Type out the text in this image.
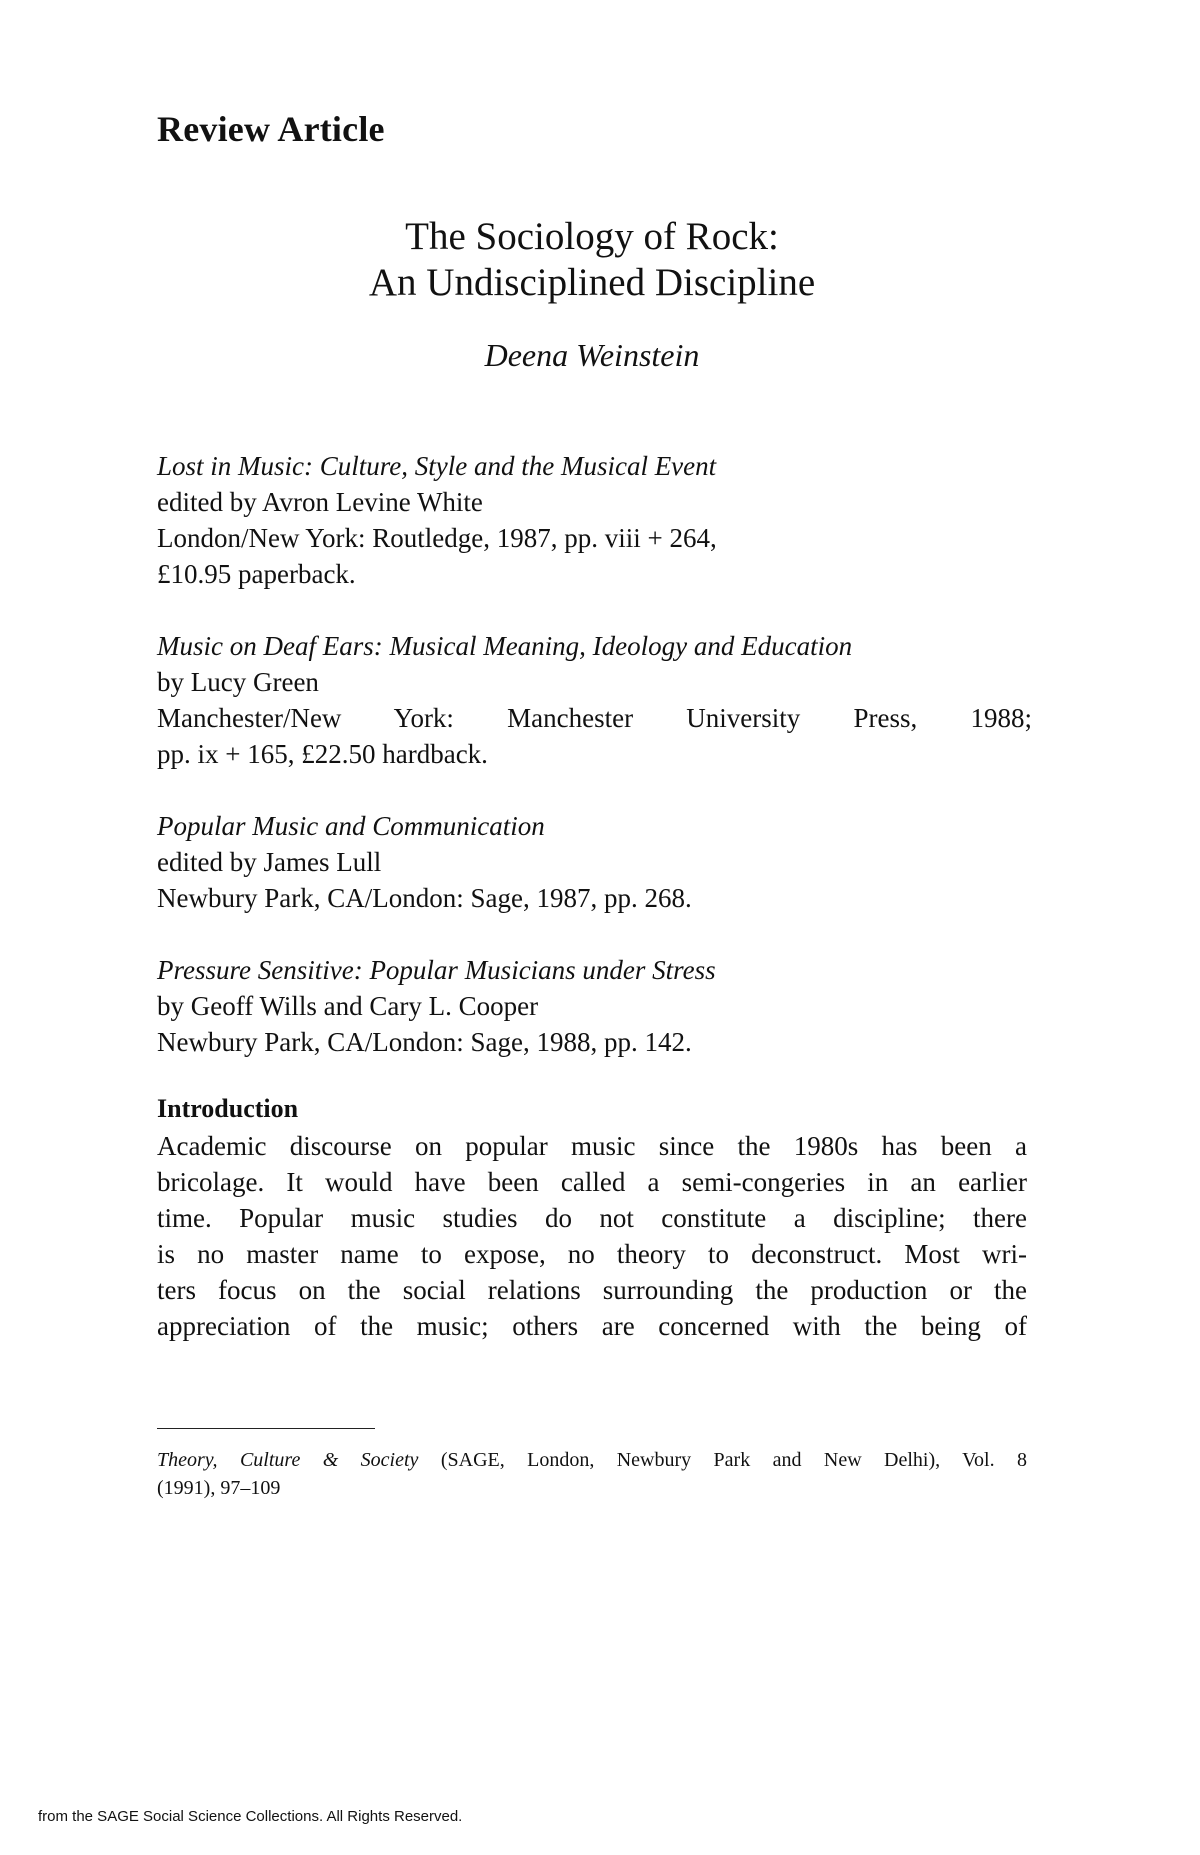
Review Article
The Sociology of Rock:
An Undisciplined Discipline
Deena Weinstein
Lost in Music: Culture, Style and the Musical Event
edited by Avron Levine White
London/New York: Routledge, 1987, pp. viii + 264,
£10.95 paperback.
Music on Deaf Ears: Musical Meaning, Ideology and Education
by Lucy Green
Manchester/New York: Manchester University Press, 1988;
pp. ix + 165, £22.50 hardback.
Popular Music and Communication
edited by James Lull
Newbury Park, CA/London: Sage, 1987, pp. 268.
Pressure Sensitive: Popular Musicians under Stress
by Geoff Wills and Cary L. Cooper
Newbury Park, CA/London: Sage, 1988, pp. 142.
Introduction
Academic discourse on popular music since the 1980s has been a
bricolage. It would have been called a semi-congeries in an earlier
time. Popular music studies do not constitute a discipline; there
is no master name to expose, no theory to deconstruct. Most wri-
ters focus on the social relations surrounding the production or the
appreciation of the music; others are concerned with the being of
Theory, Culture & Society (SAGE, London, Newbury Park and New Delhi), Vol. 8
(1991), 97–109
from the SAGE Social Science Collections. All Rights Reserved.
